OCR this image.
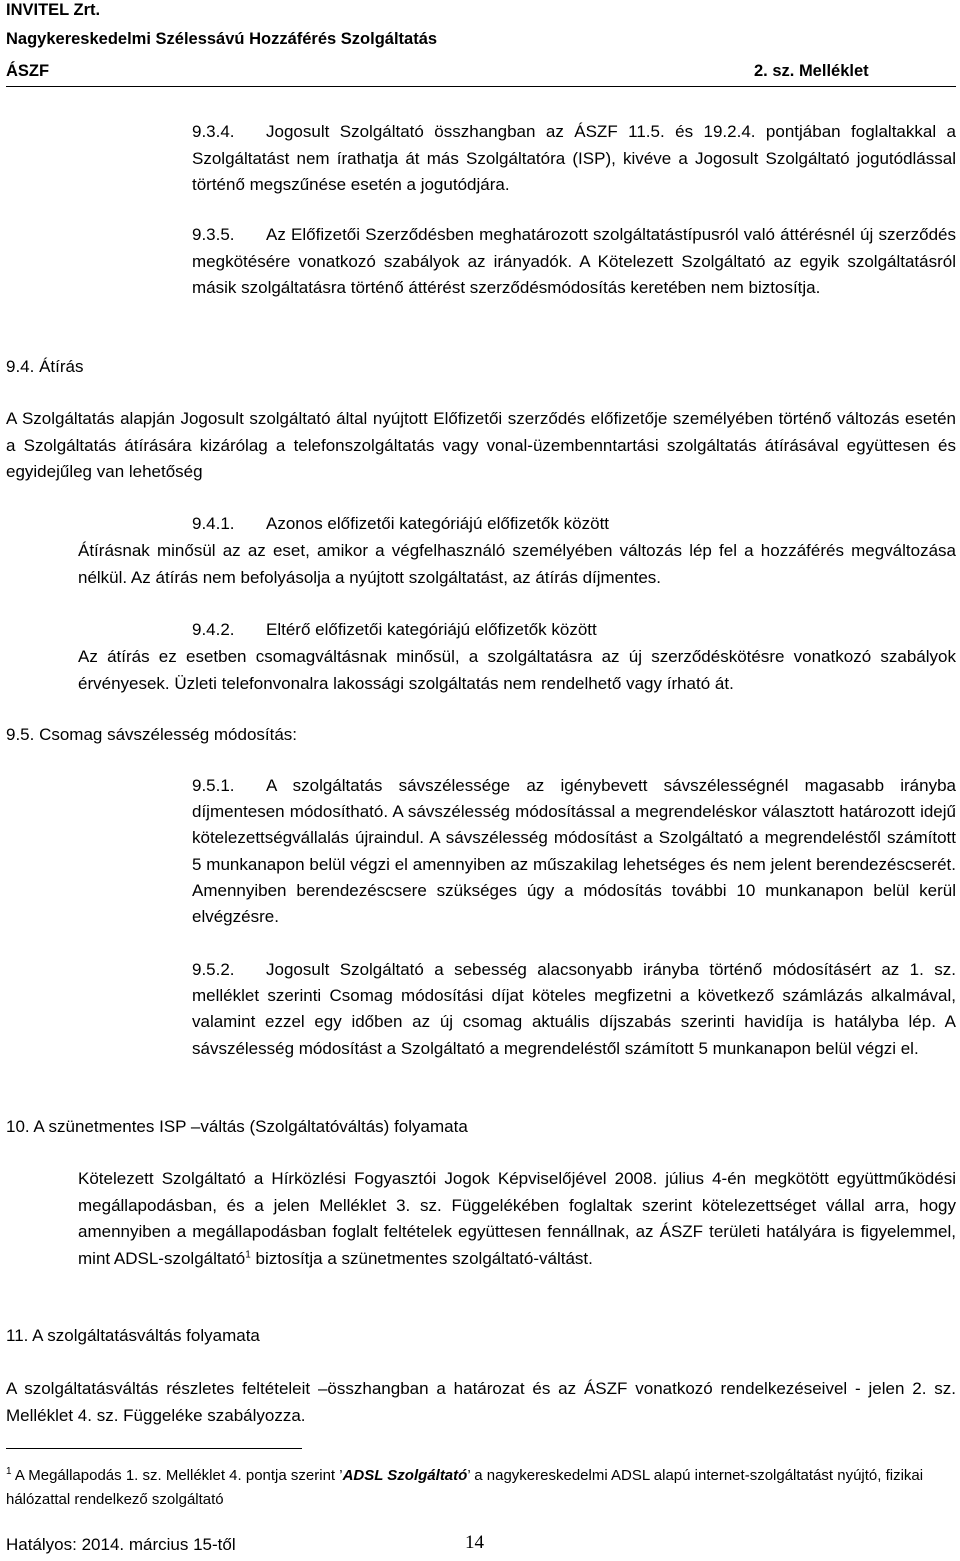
INVITEL Zrt.
Nagykereskedelmi Szélessávú Hozzáférés Szolgáltatás
ÁSZF	2. sz. Melléklet
9.3.4. Jogosult Szolgáltató összhangban az ÁSZF 11.5. és 19.2.4. pontjában foglaltakkal a Szolgáltatást nem írathatja át más Szolgáltatóra (ISP), kivéve a Jogosult Szolgáltató jogutódlással történő megszűnése esetén a jogutódjára.
9.3.5. Az Előfizetői Szerződésben meghatározott szolgáltatástípusról való áttérésnél új szerződés megkötésére vonatkozó szabályok az irányadók. A Kötelezett Szolgáltató az egyik szolgáltatásról másik szolgáltatásra történő áttérést szerződésmódosítás keretében nem biztosítja.
9.4. Átírás
A Szolgáltatás alapján Jogosult szolgáltató által nyújtott Előfizetői szerződés előfizetője személyében történő változás esetén a Szolgáltatás átírására kizárólag a telefonszolgáltatás vagy vonal-üzembenntartási szolgáltatás átírásával együttesen és egyidejűleg van lehetőség
9.4.1. Azonos előfizetői kategóriájú előfizetők között
Átírásnak minősül az az eset, amikor a végfelhasználó személyében változás lép fel a hozzáférés megváltozása nélkül. Az átírás nem befolyásolja a nyújtott szolgáltatást, az átírás díjmentes.
9.4.2. Eltérő előfizetői kategóriájú előfizetők között
Az átírás ez esetben csomagváltásnak minősül, a szolgáltatásra az új szerződéskötésre vonatkozó szabályok érvényesek. Üzleti telefonvonalra lakossági szolgáltatás nem rendelhető vagy írható át.
9.5. Csomag sávszélesség módosítás:
9.5.1. A szolgáltatás sávszélessége az igénybevett sávszélességnél magasabb irányba díjmentesen módosítható. A sávszélesség módosítással a megrendeléskor választott határozott idejű kötelezettségvállalás újraindul. A sávszélesség módosítást a Szolgáltató a megrendeléstől számított 5 munkanapon belül végzi el amennyiben az műszakilag lehetséges és nem jelent berendezéscserét. Amennyiben berendezéscsere szükséges úgy a módosítás további 10 munkanapon belül kerül elvégzésre.
9.5.2. Jogosult Szolgáltató a sebesség alacsonyabb irányba történő módosításért az 1. sz. melléklet szerinti Csomag módosítási díjat köteles megfizetni a következő számlázás alkalmával, valamint ezzel egy időben az új csomag aktuális díjszabás szerinti havidíja is hatályba lép. A sávszélesség módosítást a Szolgáltató a megrendeléstől számított 5 munkanapon belül végzi el.
10. A szünetmentes ISP –váltás (Szolgáltatóváltás) folyamata
Kötelezett Szolgáltató a Hírközlési Fogyasztói Jogok Képviselőjével 2008. július 4-én megkötött együttműködési megállapodásban, és a jelen Melléklet 3. sz. Függelékében foglaltak szerint kötelezettséget vállal arra, hogy amennyiben a megállapodásban foglalt feltételek együttesen fennállnak, az ÁSZF területi hatályára is figyelemmel, mint ADSL-szolgáltató$^1$ biztosítja a szünetmentes szolgáltató-váltást.
11. A szolgáltatásváltás folyamata
A szolgáltatásváltás részletes feltételeit –összhangban a határozat és az ÁSZF vonatkozó rendelkezéseivel - jelen 2. sz. Melléklet 4. sz. Függeléke szabályozza.
$^1$ A Megállapodás 1. sz. Melléklet 4. pontja szerint ’ADSL Szolgáltató’ a nagykereskedelmi ADSL alapú internet-szolgáltatást nyújtó, fizikai hálózattal rendelkező szolgáltató
Hatályos: 2014. március 15-től	14
